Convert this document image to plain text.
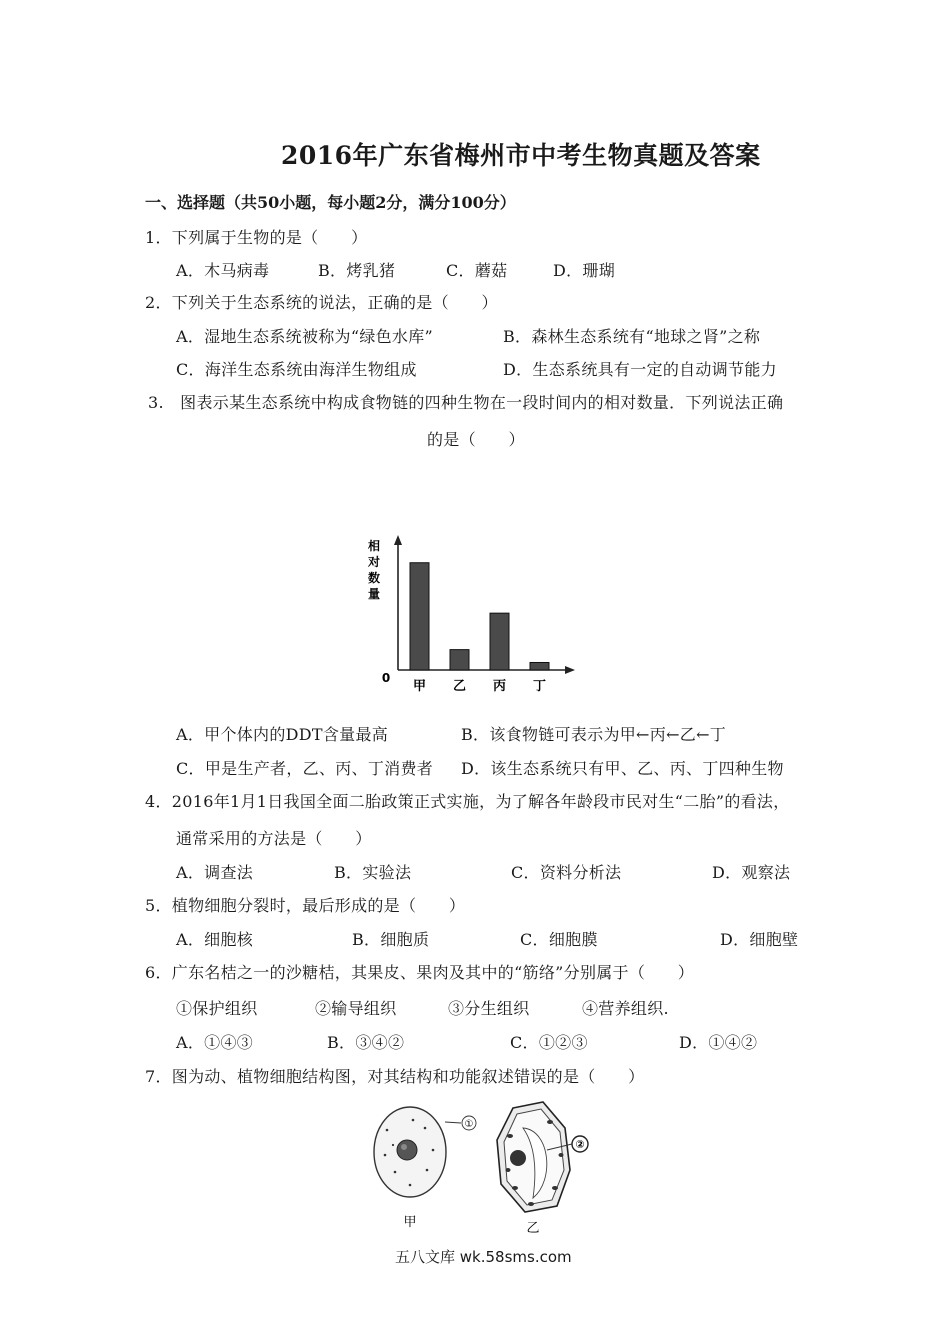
2016年广东省梅州市中考生物真题及答案
一、选择题（共50小题，每小题2分，满分100分）
1．下列属于生物的是（　　）
A．木马病毒	B．烤乳猪	C．蘑菇	D．珊瑚
2．下列关于生态系统的说法，正确的是（　　）
A．湿地生态系统被称为“绿色水库”	B．森林生态系统有“地球之肾”之称
C．海洋生态系统由海洋生物组成	D．生态系统具有一定的自动调节能力
3.　图表示某生态系统中构成食物链的四种生物在一段时间内的相对数量．下列说法正确
的是（　　）
相
对
数
量
0
甲 乙 丙 丁
A．甲个体内的DDT含量最高	B．该食物链可表示为甲←丙←乙←丁
C．甲是生产者，乙、丙、丁消费者 D．该生态系统只有甲、乙、丙、丁四种生物
4．2016年1月1日我国全面二胎政策正式实施，为了解各年龄段市民对生“二胎”的看法，
通常采用的方法是（　　）
A．调查法	B．实验法	C．资料分析法	D．观察法
5．植物细胞分裂时，最后形成的是（　　）
A．细胞核	B．细胞质	C．细胞膜	D．细胞壁
6．广东名桔之一的沙糖桔，其果皮、果肉及其中的“筋络”分别属于（　　）
①保护组织	②输导组织	③分生组织	④营养组织.
A．①④③	B．③④②	C．①②③	D．①④②
7．图为动、植物细胞结构图，对其结构和功能叙述错误的是（　　）
①
②
甲	乙
五八文库 wk.58sms.com
